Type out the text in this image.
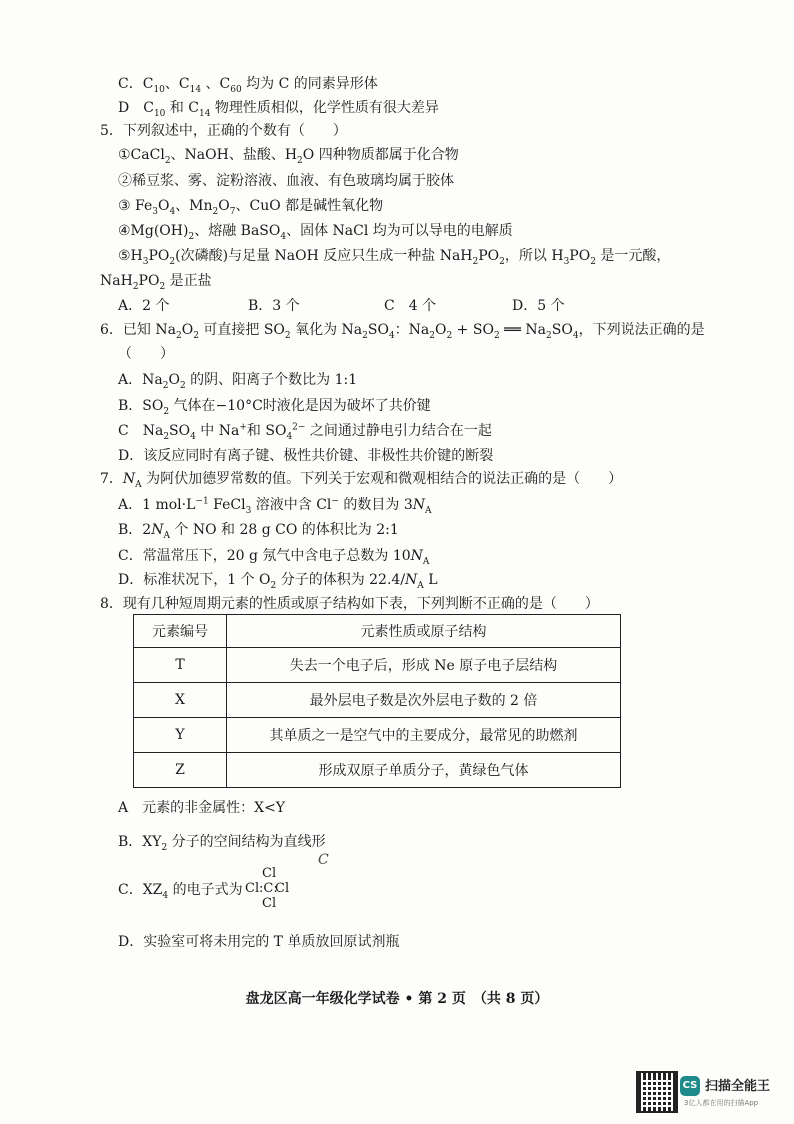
C．$C_{10}$、$C_{14}$ 、$C_{60}$ 均为 C 的同素异形体
D　$C_{10}$ 和 $C_{14}$ 物理性质相似，化学性质有很大差异
5．下列叙述中，正确的个数有（　　）
①CaCl$_2$、NaOH、盐酸、$H_2O$ 四种物质都属于化合物
②稀豆浆、雾、淀粉溶液、血液、有色玻璃均属于胶体
③ $Fe_3O_4$、$Mn_2O_7$、CuO 都是碱性氧化物
$④Mg(OH)_2$、熔融 BaSO$_4$、固体 NaCl 均为可以导电的电解质
$⑤H_3PO_2$(次磷酸)与足量 NaOH 反应只生成一种盐 $NaH_2PO_2$，所以 $H_3PO_2$ 是一元酸，
$NaH_2PO_2$ 是正盐
A．2 个	B．3 个	C　4 个	D．5 个
6．已知 $Na_2O_2$ 可直接把 $SO_2$ 氧化为 $Na_2SO_4$：$Na_2O_2 + SO_2$ ══ $Na_2SO_4$，下列说法正确的是
（　　）
A．$Na_2O_2$ 的阴、阳离子个数比为 1:1
B．$SO_2$ 气体在−10°C时液化是因为破坏了共价键
C　$Na_2SO_4$ 中 Na+和 $SO_4^{2-}$ 之间通过静电引力结合在一起
D．该反应同时有离子键、极性共价键、非极性共价键的断裂
7．$N_A$ 为阿伏加德罗常数的值。下列关于宏观和微观相结合的说法正确的是（　　）
A．1 $mol\cdot L^{-1}$ FeCl$_3$ 溶液中含 Cl− 的数目为 $3N_A$
B．$2N_A$ 个 NO 和 28 g CO 的体积比为 2:1
C．常温常压下，20 g 氖气中含电子总数为 $10N_A$
D．标准状况下，1 个 $O_2$ 分子的体积为 $22.4/N_A$ L
8．现有几种短周期元素的性质或原子结构如下表，下列判断不正确的是（　　）
元素编号	元素性质或原子结构
T	失去一个电子后，形成 Ne 原子电子层结构
X	最外层电子数是次外层电子数的 2 倍
Y	其单质之一是空气中的主要成分，最常见的助燃剂
Z	形成双原子单质分子，黄绿色气体
A　元素的非金属性：X<Y
B．$XY_2$ 分子的空间结构为直线形
C
C．$XZ_4$ 的电子式为
Cl
Cl :C:
Cl
Cl
D．实验室可将未用完的 T 单质放回原试剂瓶
盘龙区高一年级化学试卷 • 第 2 页　（共 8 页）
CS 扫描全能王
3亿人都在用的扫描App
